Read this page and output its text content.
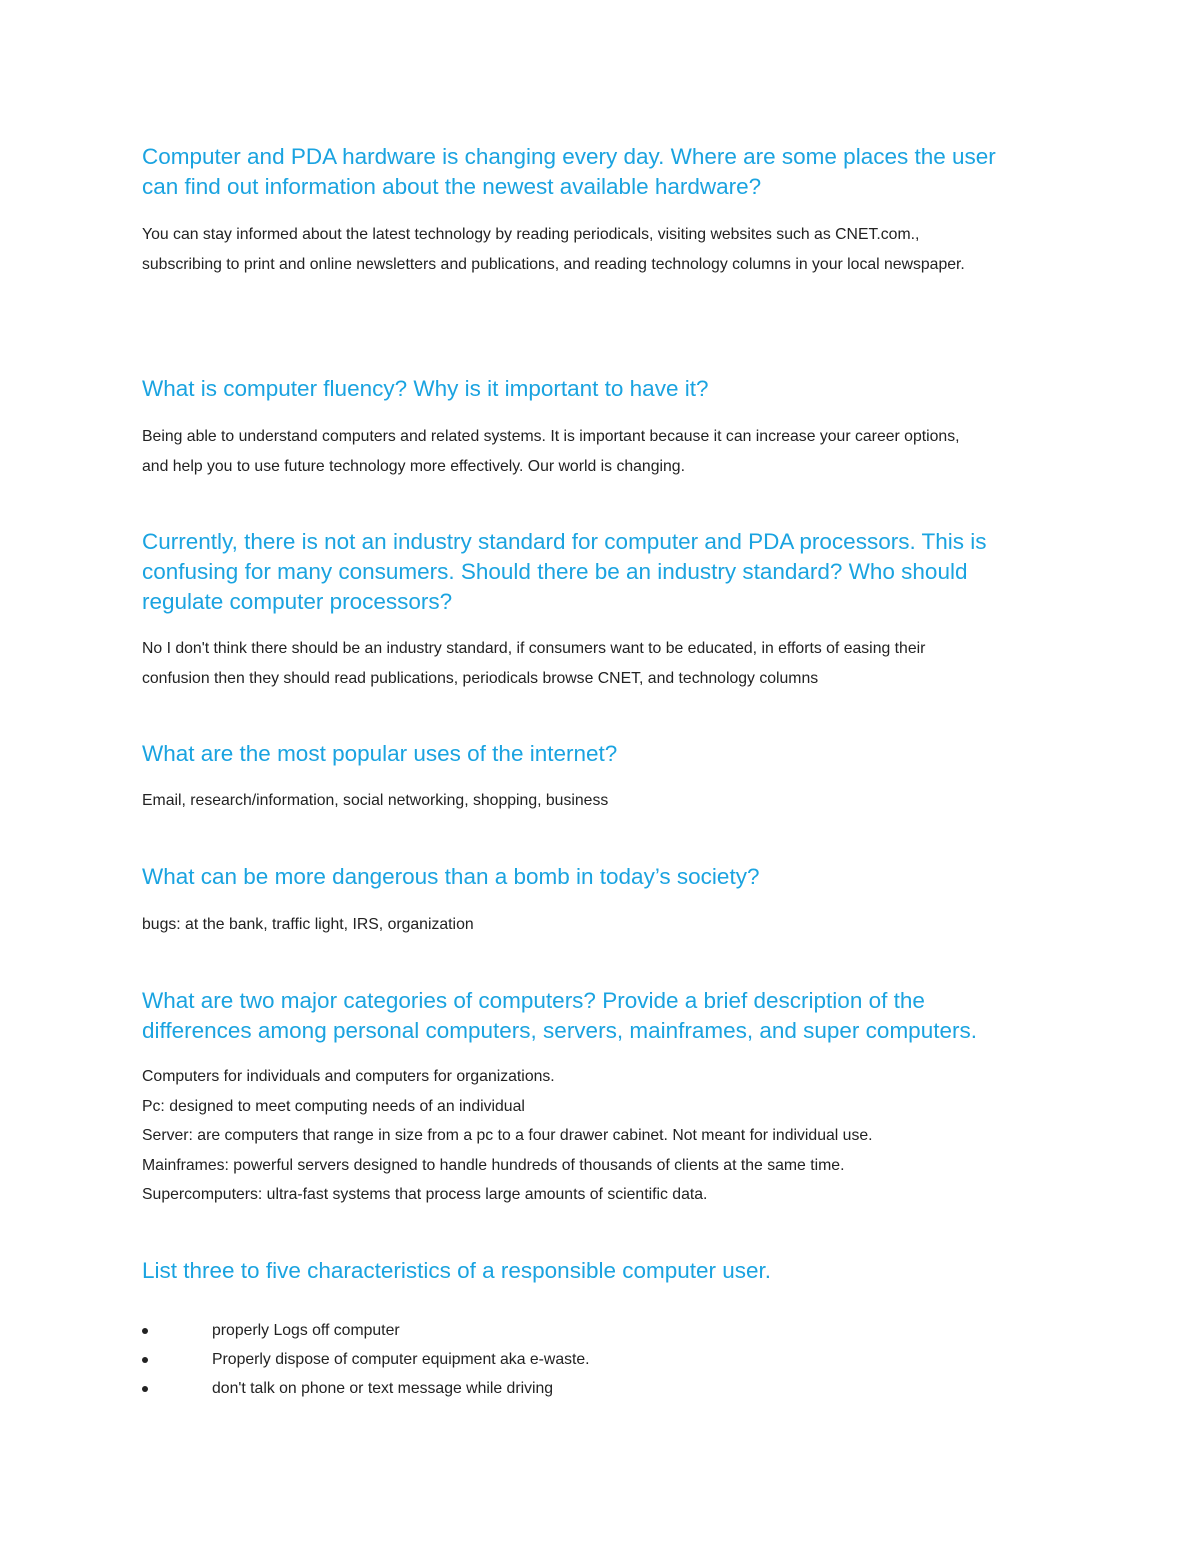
Computer and PDA hardware is changing every day. Where are some places the user
can find out information about the newest available hardware?

You can stay informed about the latest technology by reading periodicals, visiting websites such as CNET.com.,
subscribing to print and online newsletters and publications, and reading technology columns in your local newspaper.

What is computer fluency? Why is it important to have it?

Being able to understand computers and related systems. It is important because it can increase your career options,
and help you to use future technology more effectively. Our world is changing.

Currently, there is not an industry standard for computer and PDA processors. This is
confusing for many consumers. Should there be an industry standard? Who should
regulate computer processors?

No I don't think there should be an industry standard, if consumers want to be educated, in efforts of easing their
confusion then they should read publications, periodicals browse CNET, and technology columns

What are the most popular uses of the internet?

Email, research/information, social networking, shopping, business

What can be more dangerous than a bomb in today’s society?

bugs: at the bank, traffic light, IRS, organization

What are two major categories of computers? Provide a brief description of the
differences among personal computers, servers, mainframes, and super computers.

Computers for individuals and computers for organizations.
Pc: designed to meet computing needs of an individual
Server: are computers that range in size from a pc to a four drawer cabinet. Not meant for individual use.
Mainframes: powerful servers designed to handle hundreds of thousands of clients at the same time.
Supercomputers: ultra-fast systems that process large amounts of scientific data.

List three to five characteristics of a responsible computer user.
properly Logs off computer
Properly dispose of computer equipment aka e-waste.
don't talk on phone or text message while driving
